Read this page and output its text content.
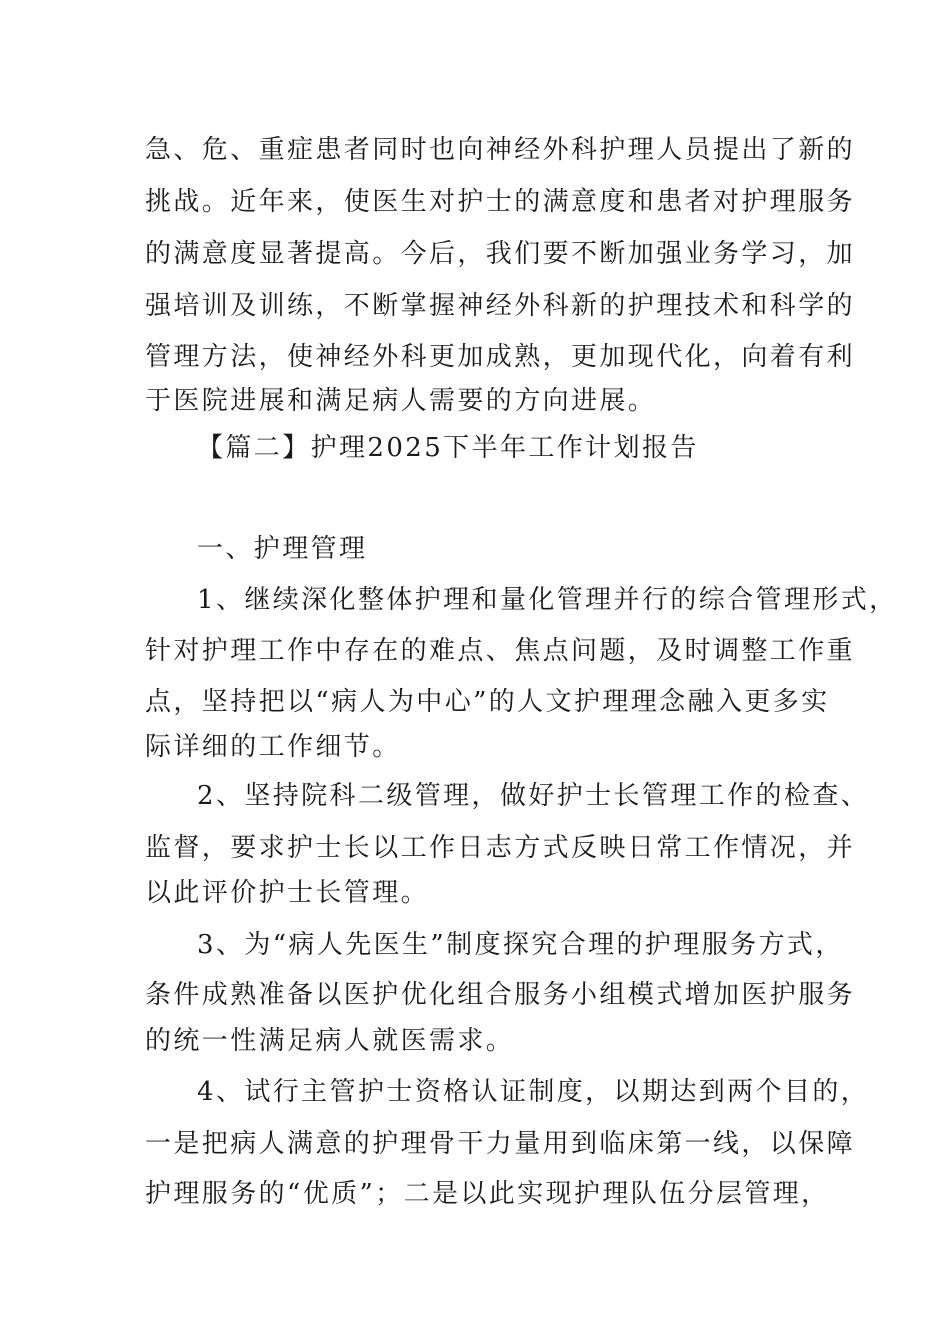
急、危、重症患者同时也向神经外科护理人员提出了新的
挑战。近年来，使医生对护士的满意度和患者对护理服务
的满意度显著提高。今后，我们要不断加强业务学习，加
强培训及训练，不断掌握神经外科新的护理技术和科学的
管理方法，使神经外科更加成熟，更加现代化，向着有利
于医院进展和满足病人需要的方向进展。
【篇二】护理2025下半年工作计划报告
一、护理管理
1、继续深化整体护理和量化管理并行的综合管理形式，
针对护理工作中存在的难点、焦点问题，及时调整工作重
点，坚持把以“病人为中心”的人文护理理念融入更多实
际详细的工作细节。
2、坚持院科二级管理，做好护士长管理工作的检查、
监督，要求护士长以工作日志方式反映日常工作情况，并
以此评价护士长管理。
3、为“病人先医生”制度探究合理的护理服务方式，
条件成熟准备以医护优化组合服务小组模式增加医护服务
的统一性满足病人就医需求。
4、试行主管护士资格认证制度，以期达到两个目的，
一是把病人满意的护理骨干力量用到临床第一线，以保障
护理服务的“优质”；二是以此实现护理队伍分层管理，
